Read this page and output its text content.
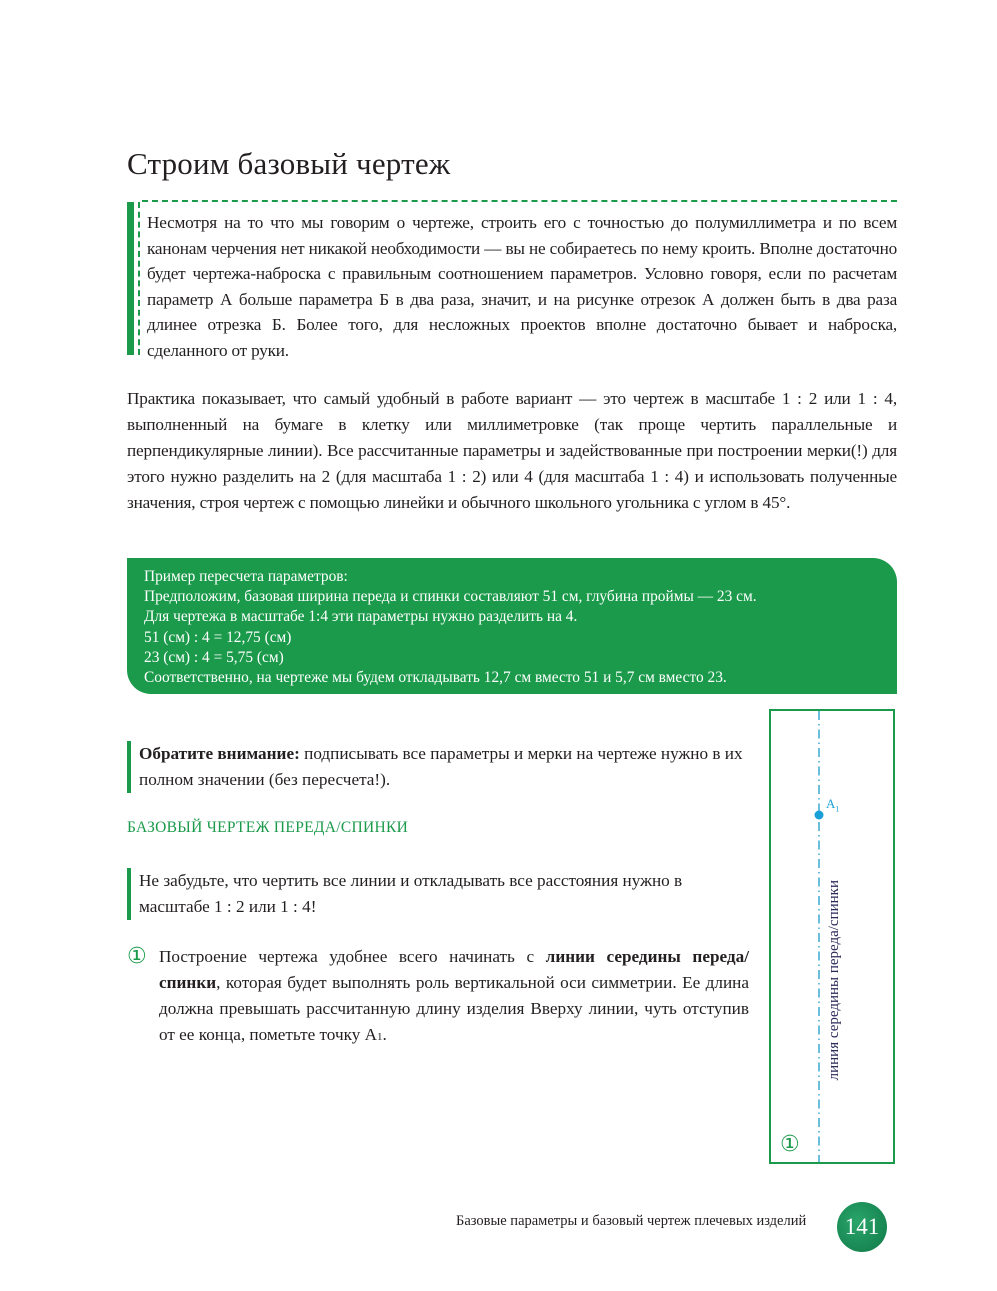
Строим базовый чертеж
Несмотря на то что мы говорим о чертеже, строить его с точностью до полумиллиметра и по всем канонам черчения нет никакой необходимости — вы не собираетесь по нему кроить. Вполне достаточно будет чертежа-наброска с правильным соотношением параметров. Условно говоря, если по расчетам параметр А больше параметра Б в два раза, значит, и на рисунке отрезок А должен быть в два раза длинее отрезка Б. Более того, для несложных проектов вполне достаточно бывает и наброска, сделанного от руки.
Практика показывает, что самый удобный в работе вариант — это чертеж в масштабе 1 : 2 или 1 : 4, выполненный на бумаге в клетку или миллиметровке (так проще чертить параллельные и перпендикулярные линии). Все рассчитанные параметры и задействованные при построении мерки(!) для этого нужно разделить на 2 (для масштаба 1 : 2) или 4 (для масштаба 1 : 4) и использовать полученные значения, строя чертеж с помощью линейки и обычного школьного угольника с углом в 45°.
Пример пересчета параметров:
Предположим, базовая ширина переда и спинки составляют 51 см, глубина проймы — 23 см.
Для чертежа в масштабе 1:4 эти параметры нужно разделить на 4.
51 (см) : 4 = 12,75 (см)
23 (см) : 4 = 5,75 (см)
Соответственно, на чертеже мы будем откладывать 12,7 см вместо 51 и 5,7 см вместо 23.
Обратите внимание: подписывать все параметры и мерки на чертеже нужно в их полном значении (без пересчета!).
БАЗОВЫЙ ЧЕРТЕЖ ПЕРЕДА/СПИНКИ
Не забудьте, что чертить все линии и откладывать все расстояния нужно в масштабе 1 : 2 или 1 : 4!
① Построение чертежа удобнее всего начинать с линии середины переда/спинки, которая будет выполнять роль вертикальной оси симметрии. Ее длина должна превышать рассчитанную длину изделия Вверху линии, чуть отступив от ее конца, пометьте точку А1.
$А_1$
линия середины переда/спинки
①
Базовые параметры и базовый чертеж плечевых изделий	141
